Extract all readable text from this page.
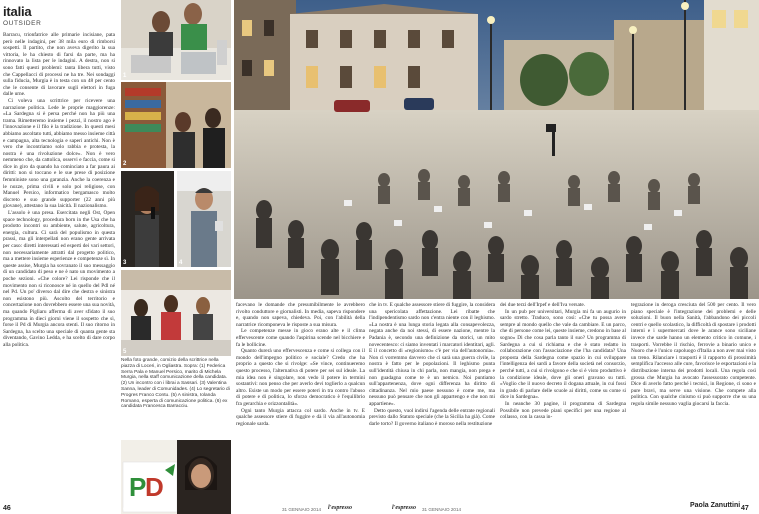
italia
OUTSIDER

Barracu, trionfatrice alle primarie incisiane, pata però nelle indagini, per 38 mila euro di rimborsi sospetti. Il partito, che non aveva digerito la sua vittoria, le ha chiesto di farsi da parte, ma ha rinnovato la lista per le indagini. A destra, non si sono fatti questi problemi: tanta libera tutti, visto che Cappellacci di processi ne ha tre. Nei sondaggi sulla fiducia, Murgia è in testa con un 48 per cento che le consente di lavorare sugli elettori in fuga dalle urne.

Ci voleva una scrittrice per ricevere una narrazione politica. Lede le proprie maggiorenze: «La Sardegna si è persa perché non ha più una trama. Rimetteremo insieme i pezzi, il nostro ago è l'innovazione e il filo è la tradizione. In questi mesi abbiamo ascoltato tutti, abbiamo messo insieme città e campagna, alta tecnologia e saperi antichi. Non è vero che incontriamo solo rabbia e protesta, la nostra è una rivoluzione dolce». Non è vero nemmeno che, da cattolica, osservi e faccia, come si dice in giro da quando ha cominciato a far paura ai diritti: non si toccano e le sue prese di posizione femministe sono una garanzia. Anche la coerenza e le nozze, prima civili e solo poi religiose, con Manuel Persico, informatico bergamasco molto discreto e suo grande supporter (22 anni più giovane), attestano la sua laicità. Il nazionalismo.

L'assolo è una presa. Esercitata negli Ost, Open space technology, procedura born in the Usa che ha prodotto incontri su ambiente, salute, agricoltura, energia, cultura. Ci sarà del populismo in questa prassi, ma gli interpellati non erano gente arrivata per caso: diretti interessati ed esperti dei vari settori, non necessariamente attratti dal progetto politico, ma a mettere insieme esperienze e competenze sì. In queste assise, Murgia ha sovranato il suo messaggio di un candidato di peso e ne è nato un movimento a poche sezioni. «Che colore? Lei risponde che il movimento non si riconosce né in quello del Pdl né nel Pd. Un po' diverso dal dire che destra e sinistra non esistono più. Ascolto del territorio e concertazione non dovrebbero essere una sua novità, ma quando Pigliaru afferma di aver sfidato il suo programma in dieci giorni viene il sospetto che sì, forse il Pd di Murgia ancora stenti. Il suo ritorno in Sardegna, ha scelto una speciale di quanta gente sta diventando, Gavino Ledda, e ha scelto di dare corpo alla politica.

1
2
3	4
5
Nella foto grande, comizio della scrittrice nella piazza di Loceri, in Ogliastra. Sopra: (1) Federica Serra Pala e Manuel Persico, marito di Michela Murgia, nella staff comunicazione della candidata. (2) Un incontro con i librai a Sassari. (3) Valentina Sanna, leader di Comunidades. (4) Lo segretario di Progres Franco Contu. (5) A sinistra, Iolanda Romano, esperta di comunicazione politica. (6) ex candidata Francesca Barracciu.
P
D
6

facevano le domande che presumibilmente le avrebbero rivolto conduttore e giornalisti. In media, sapeva rispondere e, quando non sapeva, chiedeva. Poi, con l'abilità della narratrice ricomponeva le risposte a sua misura.

Le competenze messe in gioco erano alte e il clima effervescente come quando l'aspirina scende nel bicchiere e fa le bollicine.

Quanto durerà uno effervescenza e come si collega con il mondo dell'impegno politico e sociale? Credo che ha proprio a questo che si rivolge: «Se vince, continueremo questo processo, l'alternativa di potere per sei sul ideale. La mia idea non è singolare, non vedo il potere in termini sostantivi: non penso che per averlo devi toglierlo a qualcun altro. Esiste un modo per essere poteri in tra contro l'abuso di potere e di politica, lo sforzo democratico è l'equilibrio fra gerarchia e orizzontalità».

Ogni tanto Murgia attacca col sardo. Anche in tv. E qualche assessore stiere di fuggire e dà il via all'autonomia regionale sarda.

che in tv. E qualche assessore stiere di fuggire, la considera una spericolata affettazione. Lei ribatte che l'indipendentismo sardo non c'entra niente con il leghismo. «La nostra è una lunga storia legata alla consapevolezza, negata anche da noi stessi, di essere nazione, mentre la Padania è, secondo una definizione da storici, un mito novecentesco: ci siamo inventati i marcatori identitari, agli. E il concetto di «regionismo» c'è per via dell'autonomia». Non ci vorremmo davvero che ci sarà una guerra civile, la nostra è fatto per le popolazioni. Il leghismo punta sull'identità chiusa in chi parla, non mangia, non prega e non guadagna come te è un nemico. Noi puntiamo sull'appartenenza, dove ogni differenza ha diritto di cittadinanza. Nel mio paese nessuno è come me, ma nessuno può pensare che non gli appartengo e che non mi appartiene».

Detto questo, vuol indirsi l'agenda delle entrate regionali previsto dallo Statuto speciale (che la Sicilia ha già). Come darle torto? Il governo italiano è moroso nella restituzione

dei due terzi dell'Irpef e dell'Iva versate.

In un pub per universitari, Murgia mi fa un augurio in sardo stretto. Traduco, sono così: «Che tu possa avere sempre al mondo quello che vale da cambiare. E un parco, che di persone come lei, queste insieme, credono in base al sogno» Di che cosa parla tanto il suo? Un programma di Sardegna a cui si richiama e che è stato redatto in collaborazione con l'associazione che l'ha candidata? Una proposta della Sardegna come spazio in cui sviluppare l'intelligenza dei sardi a favore della società nel consorzio, perché tutti, a cui si rivolgono e che si è visto produttivo è la condizione ideale, dove gli oneri gravano su tutti. «Voglio che il nuovo decreto il dogana attuale, in cui fossi in grado di parlare delle scuole ai diritti, come su come si dice in Sardegna».

In neanche 30 pagine, il programma di Sardegna Possibile non prevede piani specifici per una regione al collasso, con la cassa in-

tegrazione in deroga cresciuta del 500 per cento. Il vero piano speciale è l'integrazione dei problemi e delle soluzioni. Il buon nella Sanità, l'abbandono dei piccoli centri e quello scolastico, la difficoltà di spostare i prodotti interni e i supermercati dove le arance sono siciliane invece che sarde hanno un elemento critico in comune, i trasporti. Vorrebbe il rischio, ferrovie a binario unico e Nuoro che è l'unico capoluogo d'Italia a non aver mai visto un treno. Rilanciare i trasporti è il rapporto di prossimità semplifica l'accesso alle cure, favorisce le esportazioni e la distribuzione interna dei prodotti locali. Una regola così grossa che Murgia ha avocato l'assessorato competente. Dice di averlo fatto perché i tecnici, in Regione, ci sono e pure bravi, ma serve una visione. Che compete alla politica. Con qualche cinismo si può supporre che su una regola simile nessuno vaglia giocarsi la faccia.

Paola Zanuttini
46	31 GENNAIO 2014 l'espresso	l'espresso 31 GENNAIO 2014	47
